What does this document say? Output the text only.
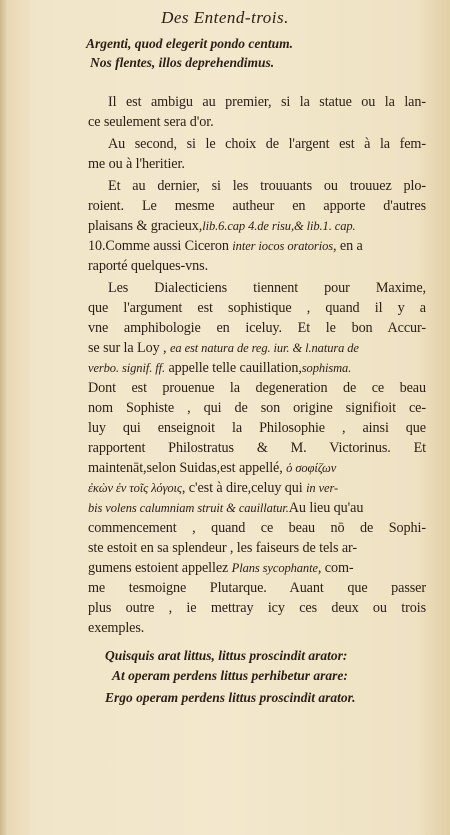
Des Entend-trois.
Argenti, quod elegerit pondo centum.
Nos flentes, illos deprehendimus.
Il est ambigu au premier, si la statue ou la lan-
ce seulement sera d'or.
Au second, si le choix de l'argent est à la fem-
me ou à l'heritier.
Et au dernier, si les trouuants ou trouuez plo-
roient. Le mesme autheur en apporte d'autres
plaisans & gracieux,lib.6.cap 4.de risu,& lib.1. cap.
10.Comme aussi Ciceron inter iocos oratorios, en a
raporté quelques-vns.
Les Dialecticiens tiennent pour Maxime,
que l'argument est sophistique , quand il y a
vne amphibologie en iceluy. Et le bon Accur-
se sur la Loy , ea est natura de reg. iur. & l.natura de
verbo. signif. ff. appelle telle cauillation,sophisma.
Dont est prouenue la degeneration de ce beau
nom Sophiste , qui de son origine signifioit ce-
luy qui enseignoit la Philosophie , ainsi que
rapportent Philostratus & M. Victorinus. Et
maintenāt,selon Suidas,est appellé, ὁ σοφίζων
ἐκὼν ἐν τοῖς λόγοις, c'est à dire,celuy qui in ver-
bis volens calumniam struit & cauillatur.Au lieu qu'au
commencement , quand ce beau nō de Sophi-
ste estoit en sa splendeur , les faiseurs de tels ar-
gumens estoient appellez Plans sycophante, com-
me tesmoigne Plutarque. Auant que passer
plus outre , ie mettray icy ces deux ou trois
exemples.
Quisquis arat littus, littus proscindit arator:
At operam perdens littus perhibetur arare:
Ergo operam perdens littus proscindit arator.
